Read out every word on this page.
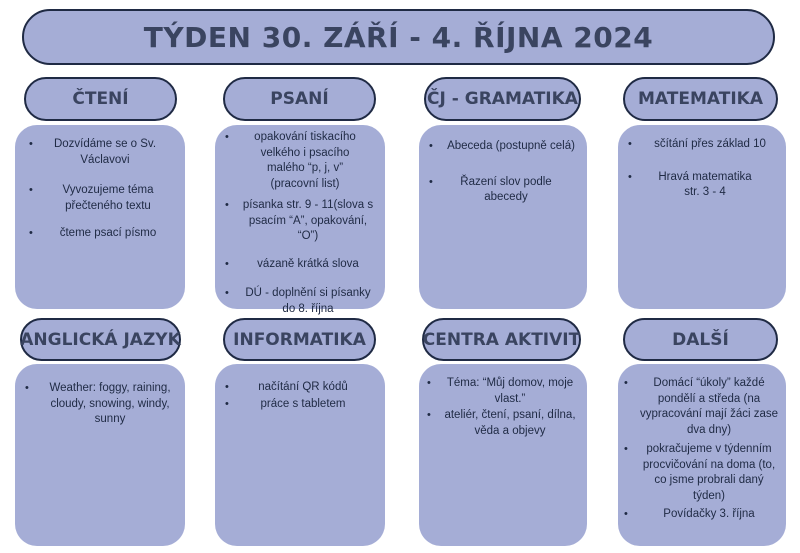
TÝDEN 30. ZÁŘÍ - 4. ŘÍJNA 2024
• Dozvídáme se o Sv. Václavovi
• Vyvozujeme téma přečteného textu
• čteme psací písmo
ČTENÍ
• opakování tiskacího velkého i psacího malého “p, j, v” (pracovní list)
• písanka str. 9 - 11(slova s psacím “A”, opakování, “O”)
• vázaně krátká slova
• DÚ - doplnění si písanky do 8. října
PSANÍ
• Abeceda (postupně celá)
• Řazení slov podle abecedy
ČJ - GRAMATIKA
• sčítání přes základ 10
• Hravá matematika str. 3 - 4
MATEMATIKA
• Weather: foggy, raining, cloudy, snowing, windy, sunny
ANGLICKÁ JAZYK
• načítání QR kódů
• práce s tabletem
INFORMATIKA
• Téma: “Můj domov, moje vlast.”
• ateliér, čtení, psaní, dílna, věda a objevy
CENTRA AKTIVIT
• Domácí “úkoly” každé pondělí a středa (na vypracování mají žáci zase dva dny)
• pokračujeme v týdenním procvičování na doma (to, co jsme probrali daný týden)
• Povídačky 3. října
DALŠÍ
